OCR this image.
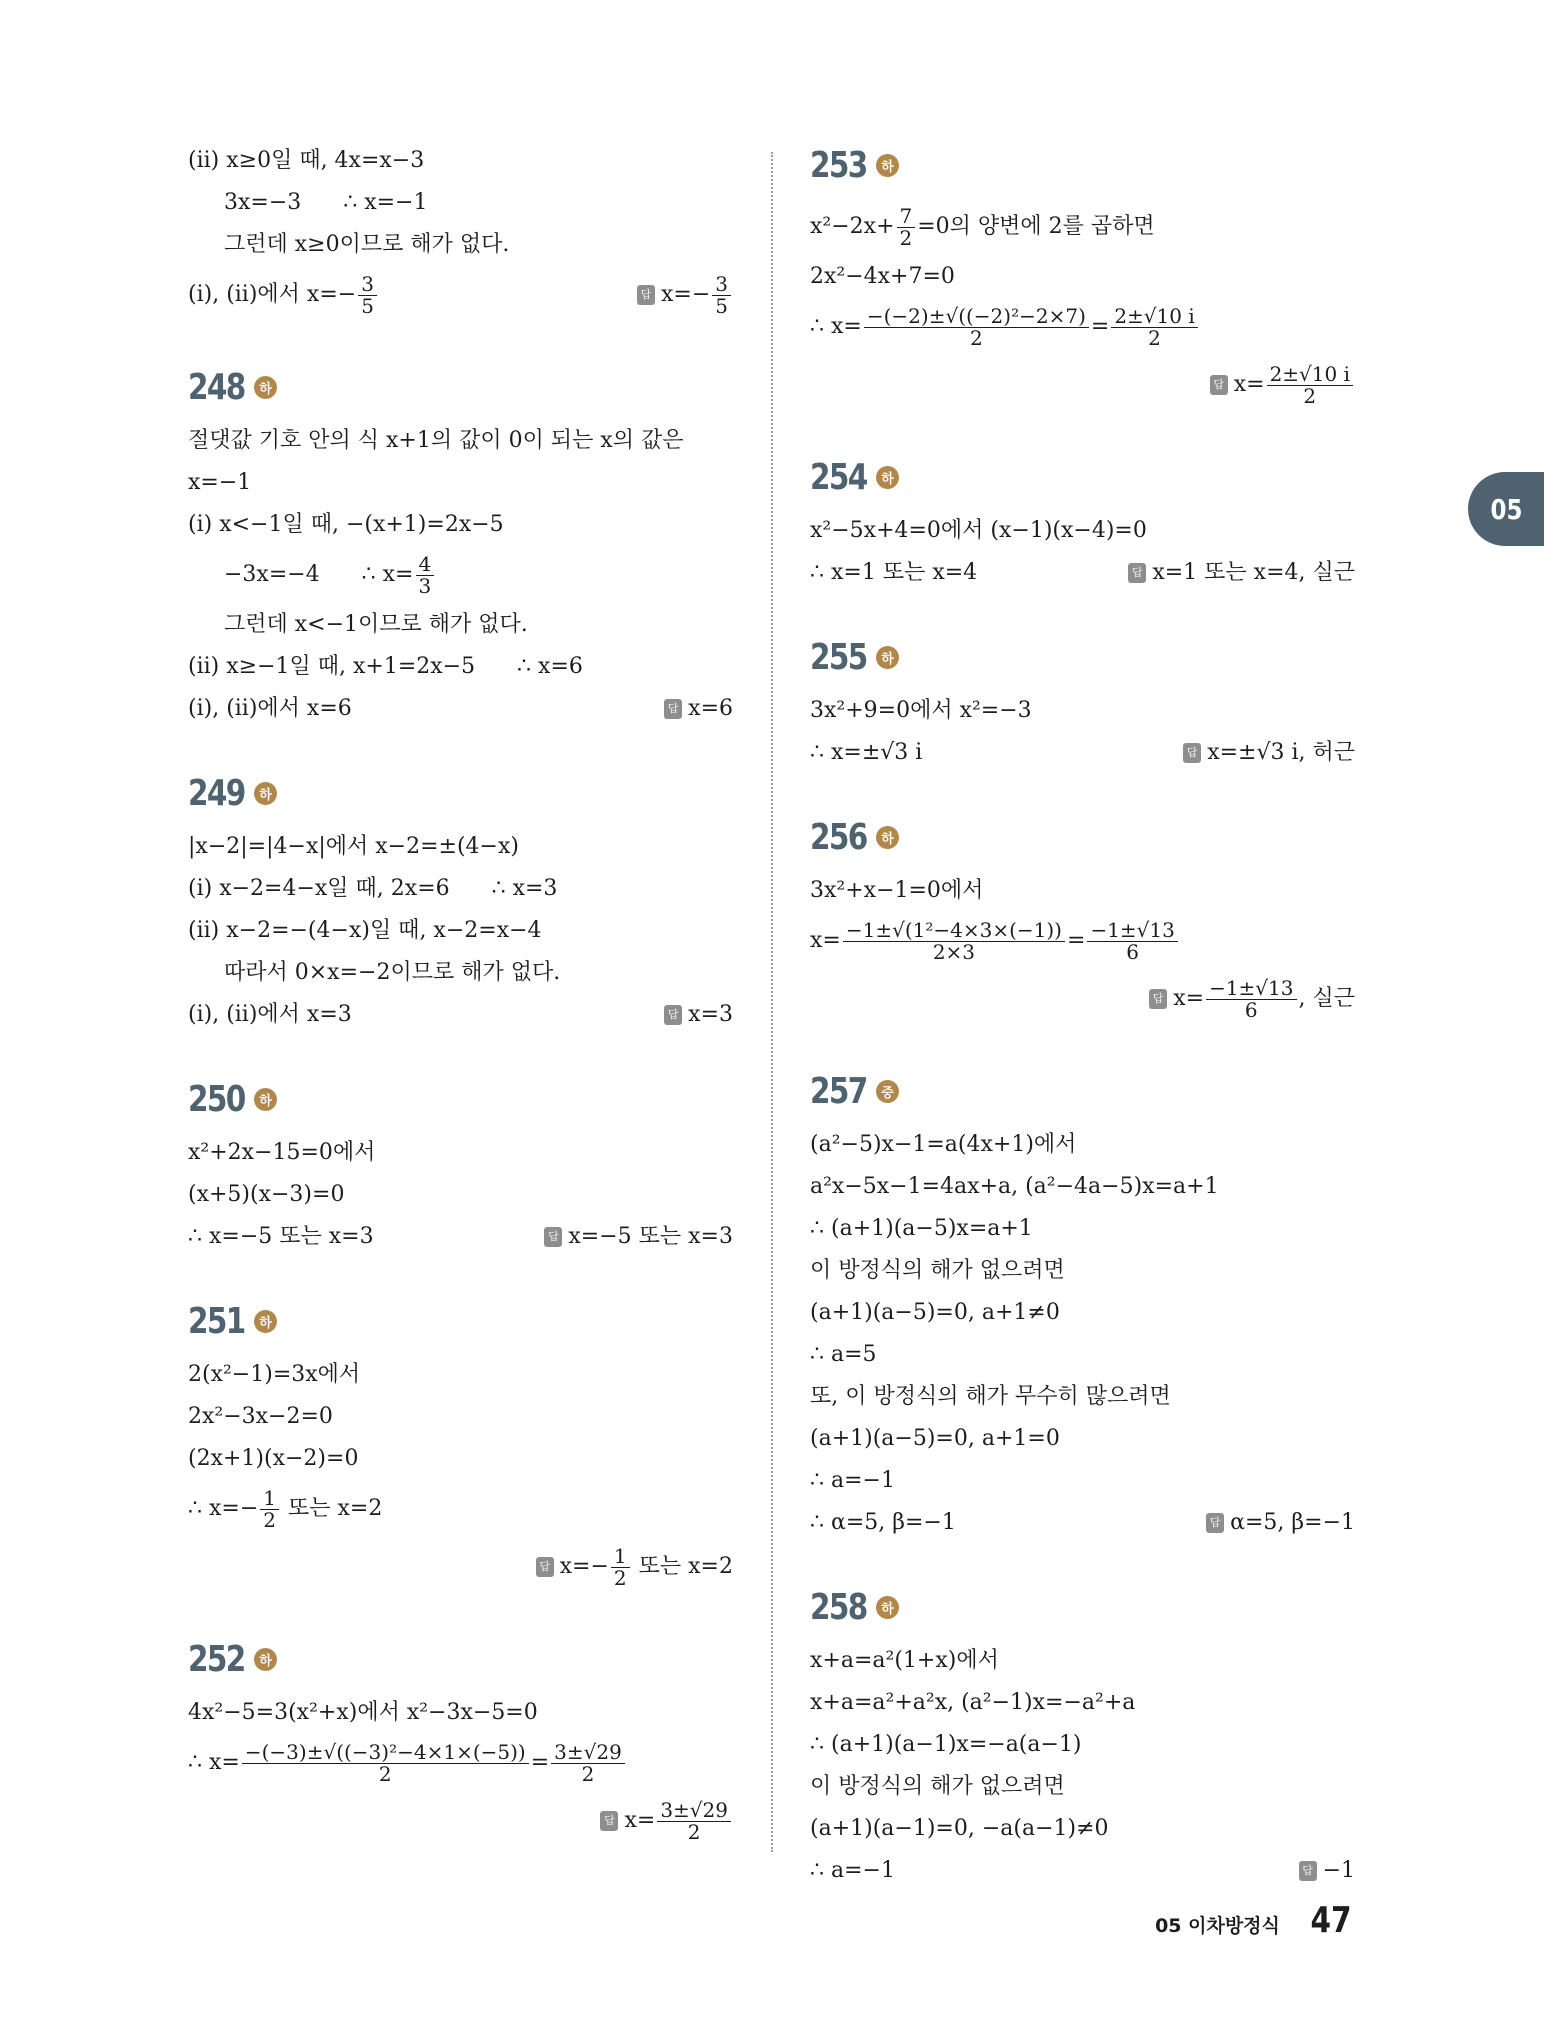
(ii) x≥0일 때, 4x=x−3
3x=−3      ∴ x=−1
그런데 x≥0이므로 해가 없다.
(i), (ii)에서 $x=- \frac{3}{5}$	답 $x=- \frac{3}{5}$
248	하
절댓값 기호 안의 식 x+1의 값이 0이 되는 x의 값은
x=−1
(i) x<−1일 때, −(x+1)=2x−5
−3x=−4      ∴ $x= \frac{4}{3}$
그런데 x<−1이므로 해가 없다.
(ii) x≥−1일 때, x+1=2x−5      ∴ x=6
(i), (ii)에서 x=6	답 x=6
249	하
|x−2|=|4−x|에서 x−2=±(4−x)
(i) x−2=4−x일 때, 2x=6      ∴ x=3
(ii) x−2=−(4−x)일 때, x−2=x−4
따라서 0×x=−2이므로 해가 없다.
(i), (ii)에서 x=3	답 x=3
250	하
x²+2x−15=0에서
(x+5)(x−3)=0
∴ x=−5 또는 x=3	답 x=−5 또는 x=3
251	하
2(x²−1)=3x에서
2x²−3x−2=0
(2x+1)(x−2)=0
∴ $x=- \frac{1}{2}$ 또는 x=2
답 $x=- \frac{1}{2}$ 또는 x=2
252	하
4x²−5=3(x²+x)에서 x²−3x−5=0
∴ $x= \frac{\text{−(−3)±√((−3)²−4×1×(−5))}}{2} = \frac{3\pm√29}{2}$
답 $x= \frac{3\pm√29}{2}$
253	하
$x^2-2x+ \frac{7}{2} =0$의 양변에 2를 곱하면
2x²−4x+7=0
∴ $x= \frac{\text{−(−2)±√((−2)²−2×7)}}{2} = \frac{2\pm√10 i}{2}$
답 $x= \frac{2\pm√10 i}{2}$
254	하
x²−5x+4=0에서 (x−1)(x−4)=0
∴ x=1 또는 x=4	답 x=1 또는 x=4, 실근
255	하
3x²+9=0에서 x²=−3
∴ x=±√3 i	답 x=±√3 i, 허근
256	하
3x²+x−1=0에서
$x= \frac{\text{−1±√(1²−4×3×(−1))}}{2\times 3} = \frac{-1\pm√13}{6}$
답 $x= \frac{-1\pm√13}{6}$ , 실근
257	중
(a²−5)x−1=a(4x+1)에서
a²x−5x−1=4ax+a, (a²−4a−5)x=a+1
∴ (a+1)(a−5)x=a+1
이 방정식의 해가 없으려면
(a+1)(a−5)=0, a+1≠0
∴ a=5
또, 이 방정식의 해가 무수히 많으려면
(a+1)(a−5)=0, a+1=0
∴ a=−1
∴ α=5, β=−1	답 α=5, β=−1
258	하
x+a=a²(1+x)에서
x+a=a²+a²x, (a²−1)x=−a²+a
∴ (a+1)(a−1)x=−a(a−1)
이 방정식의 해가 없으려면
(a+1)(a−1)=0, −a(a−1)≠0
∴ a=−1	답 −1
05
05 이차방정식 47
